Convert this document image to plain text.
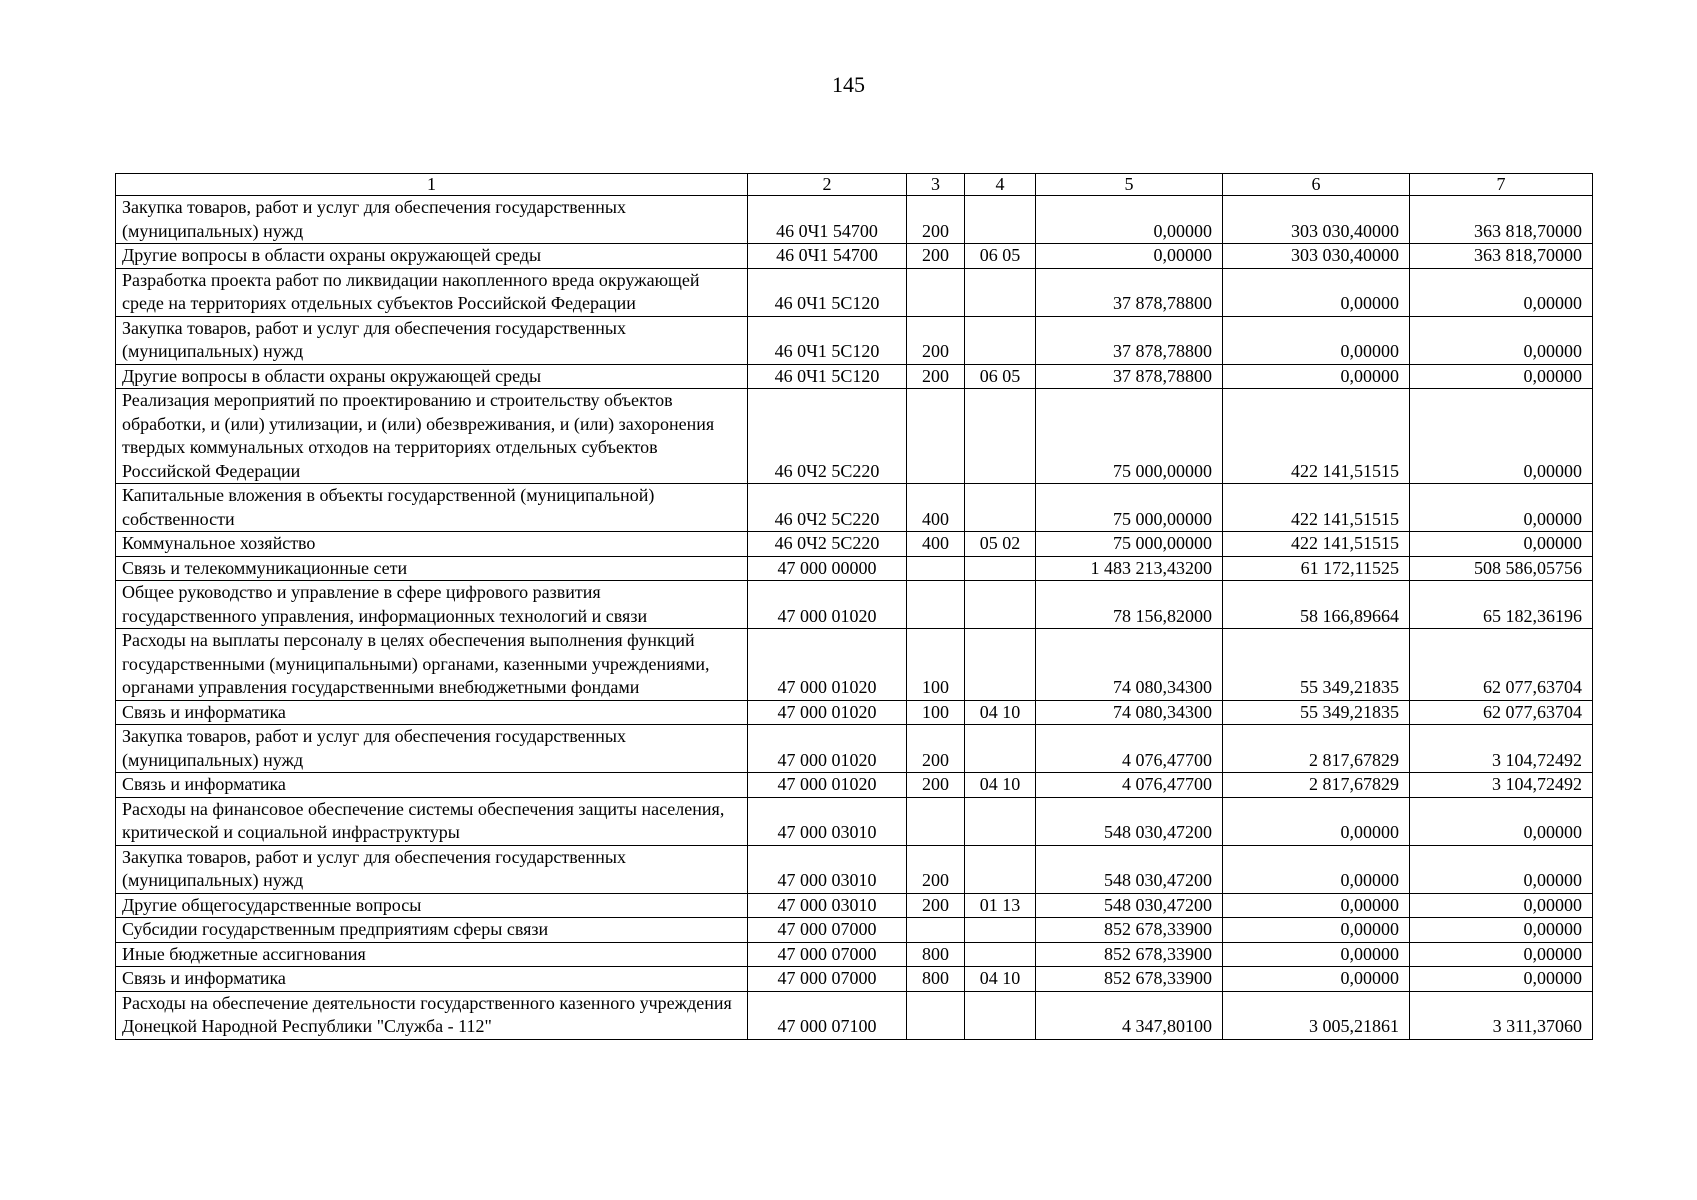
145
1	2	3	4	5	6	7
Закупка товаров, работ и услуг для обеспечения государственных (муниципальных) нужд	46 0Ч1 54700	200		0,00000	303 030,40000	363 818,70000
Другие вопросы в области охраны окружающей среды	46 0Ч1 54700	200	06 05	0,00000	303 030,40000	363 818,70000
Разработка проекта работ по ликвидации накопленного вреда окружающей среде на территориях отдельных субъектов Российской Федерации	46 0Ч1 5С120			37 878,78800	0,00000	0,00000
Закупка товаров, работ и услуг для обеспечения государственных (муниципальных) нужд	46 0Ч1 5С120	200		37 878,78800	0,00000	0,00000
Другие вопросы в области охраны окружающей среды	46 0Ч1 5С120	200	06 05	37 878,78800	0,00000	0,00000
Реализация мероприятий по проектированию и строительству объектов обработки, и (или) утилизации, и (или) обезвреживания, и (или) захоронения твердых коммунальных отходов на территориях отдельных субъектов Российской Федерации	46 0Ч2 5С220			75 000,00000	422 141,51515	0,00000
Капитальные вложения в объекты государственной (муниципальной) собственности	46 0Ч2 5С220	400		75 000,00000	422 141,51515	0,00000
Коммунальное хозяйство	46 0Ч2 5С220	400	05 02	75 000,00000	422 141,51515	0,00000
Связь и телекоммуникационные сети	47 000 00000			1 483 213,43200	61 172,11525	508 586,05756
Общее руководство и управление в сфере цифрового развития государственного управления, информационных технологий и связи	47 000 01020			78 156,82000	58 166,89664	65 182,36196
Расходы на выплаты персоналу в целях обеспечения выполнения функций государственными (муниципальными) органами, казенными учреждениями, органами управления государственными внебюджетными фондами	47 000 01020	100		74 080,34300	55 349,21835	62 077,63704
Связь и информатика	47 000 01020	100	04 10	74 080,34300	55 349,21835	62 077,63704
Закупка товаров, работ и услуг для обеспечения государственных (муниципальных) нужд	47 000 01020	200		4 076,47700	2 817,67829	3 104,72492
Связь и информатика	47 000 01020	200	04 10	4 076,47700	2 817,67829	3 104,72492
Расходы на финансовое обеспечение системы обеспечения защиты населения, критической и социальной инфраструктуры	47 000 03010			548 030,47200	0,00000	0,00000
Закупка товаров, работ и услуг для обеспечения государственных (муниципальных) нужд	47 000 03010	200		548 030,47200	0,00000	0,00000
Другие общегосударственные вопросы	47 000 03010	200	01 13	548 030,47200	0,00000	0,00000
Субсидии государственным предприятиям сферы связи	47 000 07000			852 678,33900	0,00000	0,00000
Иные бюджетные ассигнования	47 000 07000	800		852 678,33900	0,00000	0,00000
Связь и информатика	47 000 07000	800	04 10	852 678,33900	0,00000	0,00000
Расходы на обеспечение деятельности государственного казенного учреждения Донецкой Народной Республики "Служба - 112"	47 000 07100			4 347,80100	3 005,21861	3 311,37060
